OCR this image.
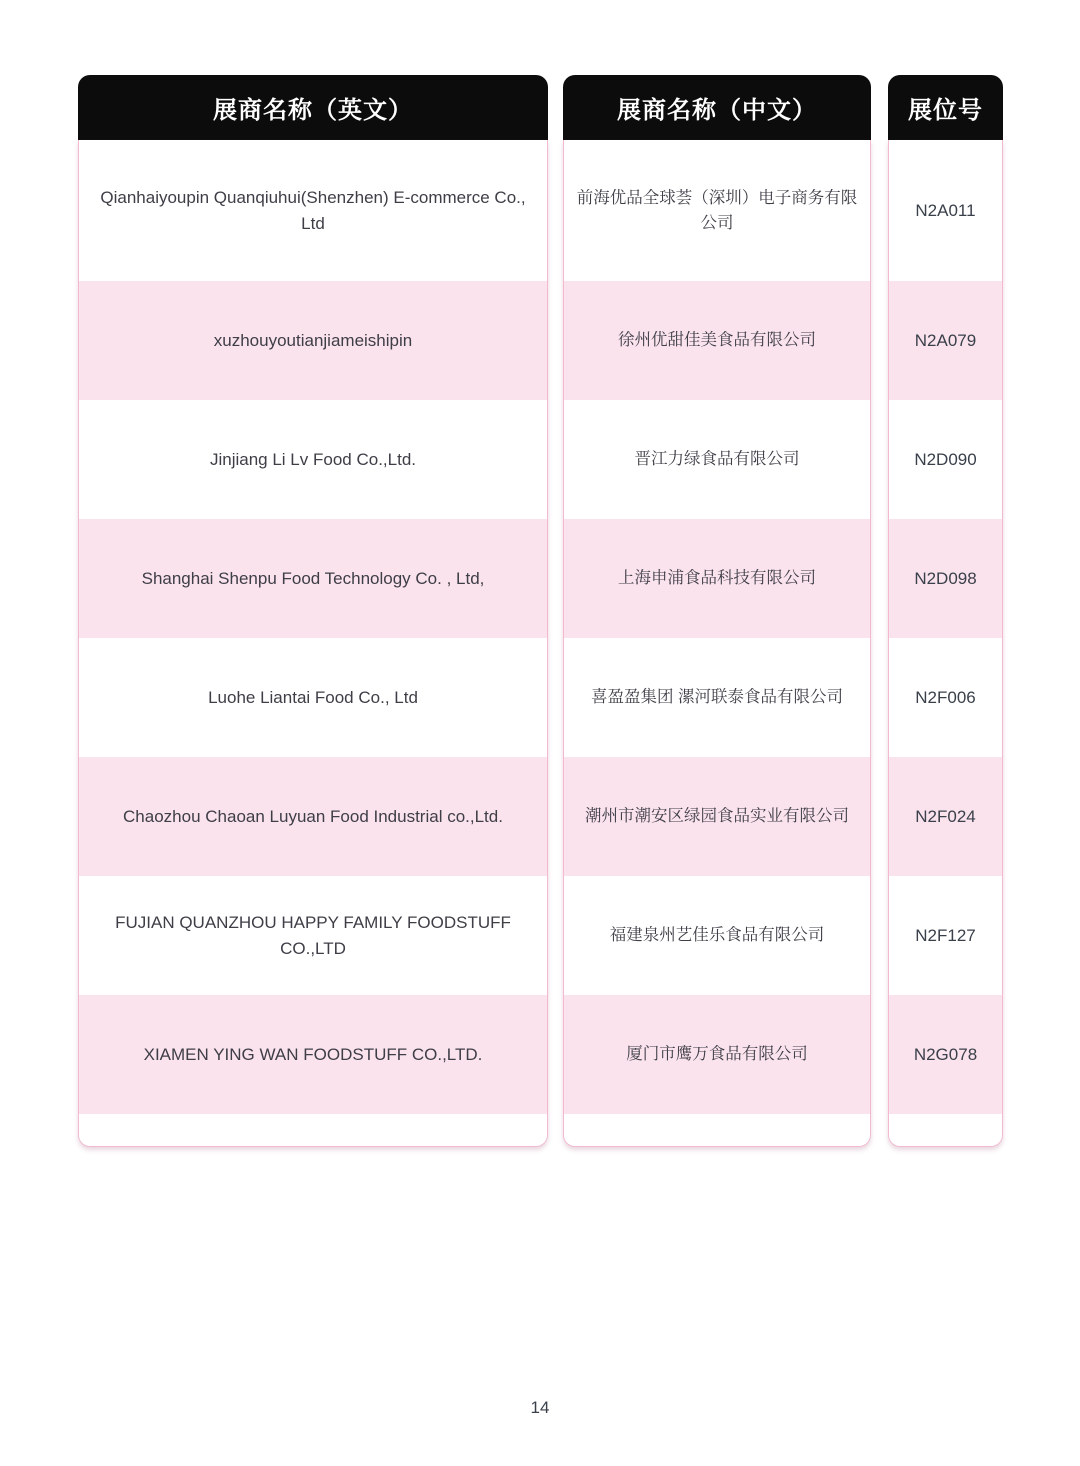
展商名称（英文）
Qianhaiyoupin Quanqiuhui(Shenzhen) E-commerce Co., Ltd
xuzhouyoutianjiameishipin
Jinjiang Li Lv Food Co.,Ltd.
Shanghai Shenpu Food Technology Co. , Ltd,
Luohe Liantai Food Co., Ltd
Chaozhou Chaoan Luyuan Food Industrial co.,Ltd.
FUJIAN QUANZHOU HAPPY FAMILY FOODSTUFF CO.,LTD
XIAMEN YING WAN FOODSTUFF CO.,LTD.
展商名称（中文）
前海优品全球荟（深圳）电子商务有限公司
徐州优甜佳美食品有限公司
晋江力绿食品有限公司
上海申浦食品科技有限公司
喜盈盈集团 漯河联泰食品有限公司
潮州市潮安区绿园食品实业有限公司
福建泉州艺佳乐食品有限公司
厦门市鹰万食品有限公司
展位号
N2A011
N2A079
N2D090
N2D098
N2F006
N2F024
N2F127
N2G078
14
